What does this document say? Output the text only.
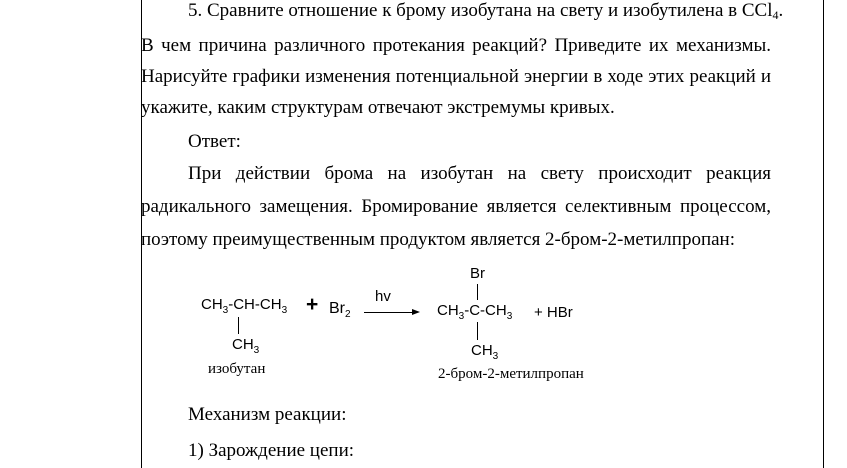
5. Сравните отношение к брому изобутана на свету и изобутилена в CCl$_4$.
В чем причина различного протекания реакций? Приведите их механизмы.
Нарисуйте графики изменения потенциальной энергии в ходе этих реакций и
укажите, каким структурам отвечают экстремумы кривых.
Ответ:
При действии брома на изобутан на свету происходит реакция
радикального замещения. Бромирование является селективным процессом,
поэтому преимущественным продуктом является 2-бром-2-метилпропан:
$CH_3-CH-CH_3$
$CH_3$
+ $Br_2$
hv
Br
$CH_3-C-CH_3$
$CH_3$
+ HBr
изобутан	2-бром-2-метилпропан
Механизм реакции:
1) Зарождение цепи:
